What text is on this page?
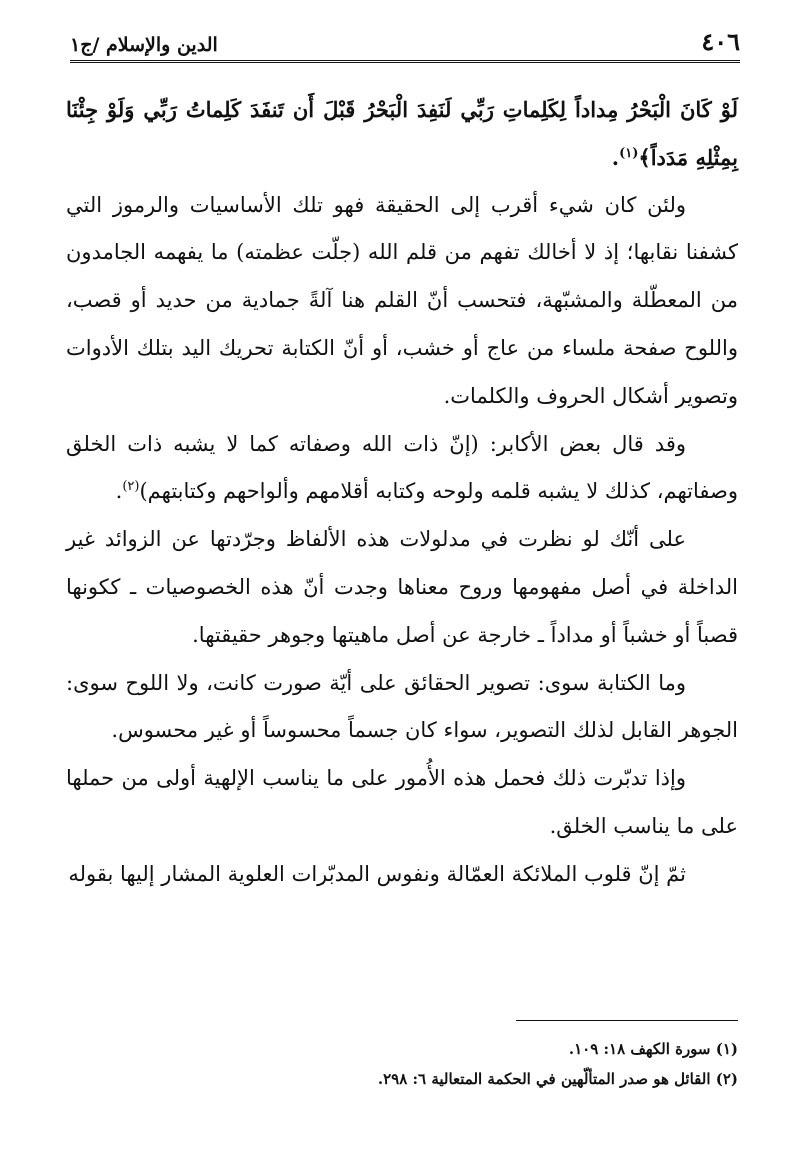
٤٠٦
الدين والإسلام /ج١

لَوْ كَانَ الْبَحْرُ مِداداً لِكَلِماتِ رَبِّي لَنَفِدَ الْبَحْرُ قَبْلَ أَن تَنفَدَ كَلِماتُ رَبِّي وَلَوْ جِئْنَا بِمِثْلِهِ مَدَداً﴾$^{(١)}$.

ولئن كان شيء أقرب إلى الحقيقة فهو تلك الأساسيات والرموز التي كشفنا نقابها؛ إذ لا أخالك تفهم من قلم الله (جلّت عظمته) ما يفهمه الجامدون من المعطّلة والمشبّهة، فتحسب أنّ القلم هنا آلةً جمادية من حديد أو قصب، واللوح صفحة ملساء من عاج أو خشب، أو أنّ الكتابة تحريك اليد بتلك الأدوات وتصوير أشكال الحروف والكلمات.

وقد قال بعض الأكابر: (إنّ ذات الله وصفاته كما لا يشبه ذات الخلق وصفاتهم، كذلك لا يشبه قلمه ولوحه وكتابه أقلامهم وألواحهم وكتابتهم)$^{(٢)}$.

على أنّك لو نظرت في مدلولات هذه الألفاظ وجرّدتها عن الزوائد غير الداخلة في أصل مفهومها وروح معناها وجدت أنّ هذه الخصوصيات ـ ككونها قصباً أو خشباً أو مداداً ـ خارجة عن أصل ماهيتها وجوهر حقيقتها.

وما الكتابة سوى: تصوير الحقائق على أيّة صورت كانت، ولا اللوح سوى: الجوهر القابل لذلك التصوير، سواء كان جسماً محسوساً أو غير محسوس.

وإذا تدبّرت ذلك فحمل هذه الأُمور على ما يناسب الإلهية أولى من حملها على ما يناسب الخلق.

ثمّ إنّ قلوب الملائكة العمّالة ونفوس المدبّرات العلوية المشار إليها بقوله

(١) سورة الكهف ١٨: ١٠٩.

(٢) القائل هو صدر المتألّهين في الحكمة المتعالية ٦: ٢٩٨.
